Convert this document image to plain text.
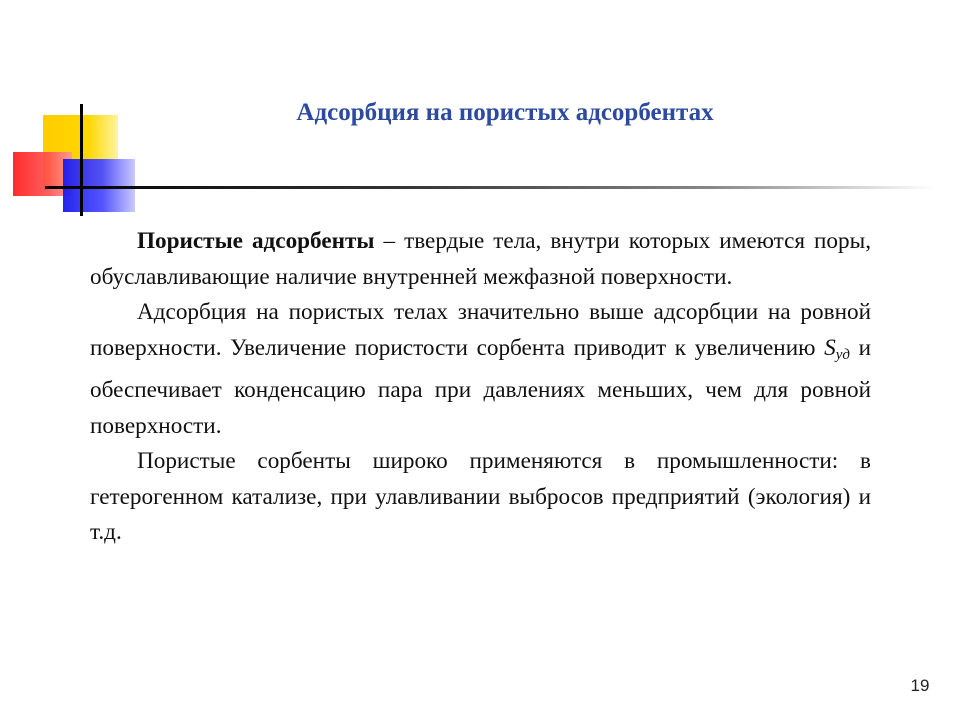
Адсорбция на пористых адсорбентах

Пористые адсорбенты – твердые тела, внутри которых имеются поры, обуславливающие наличие внутренней межфазной поверхности.

Адсорбция на пористых телах значительно выше адсорбции на ровной поверхности. Увеличение пористости сорбента приводит к увеличению $S_{уд}$ и обеспечивает конденсацию пара при давлениях меньших, чем для ровной поверхности.

Пористые сорбенты широко применяются в промышленности: в гетерогенном катализе, при улавливании выбросов предприятий (экология) и т.д.

19
